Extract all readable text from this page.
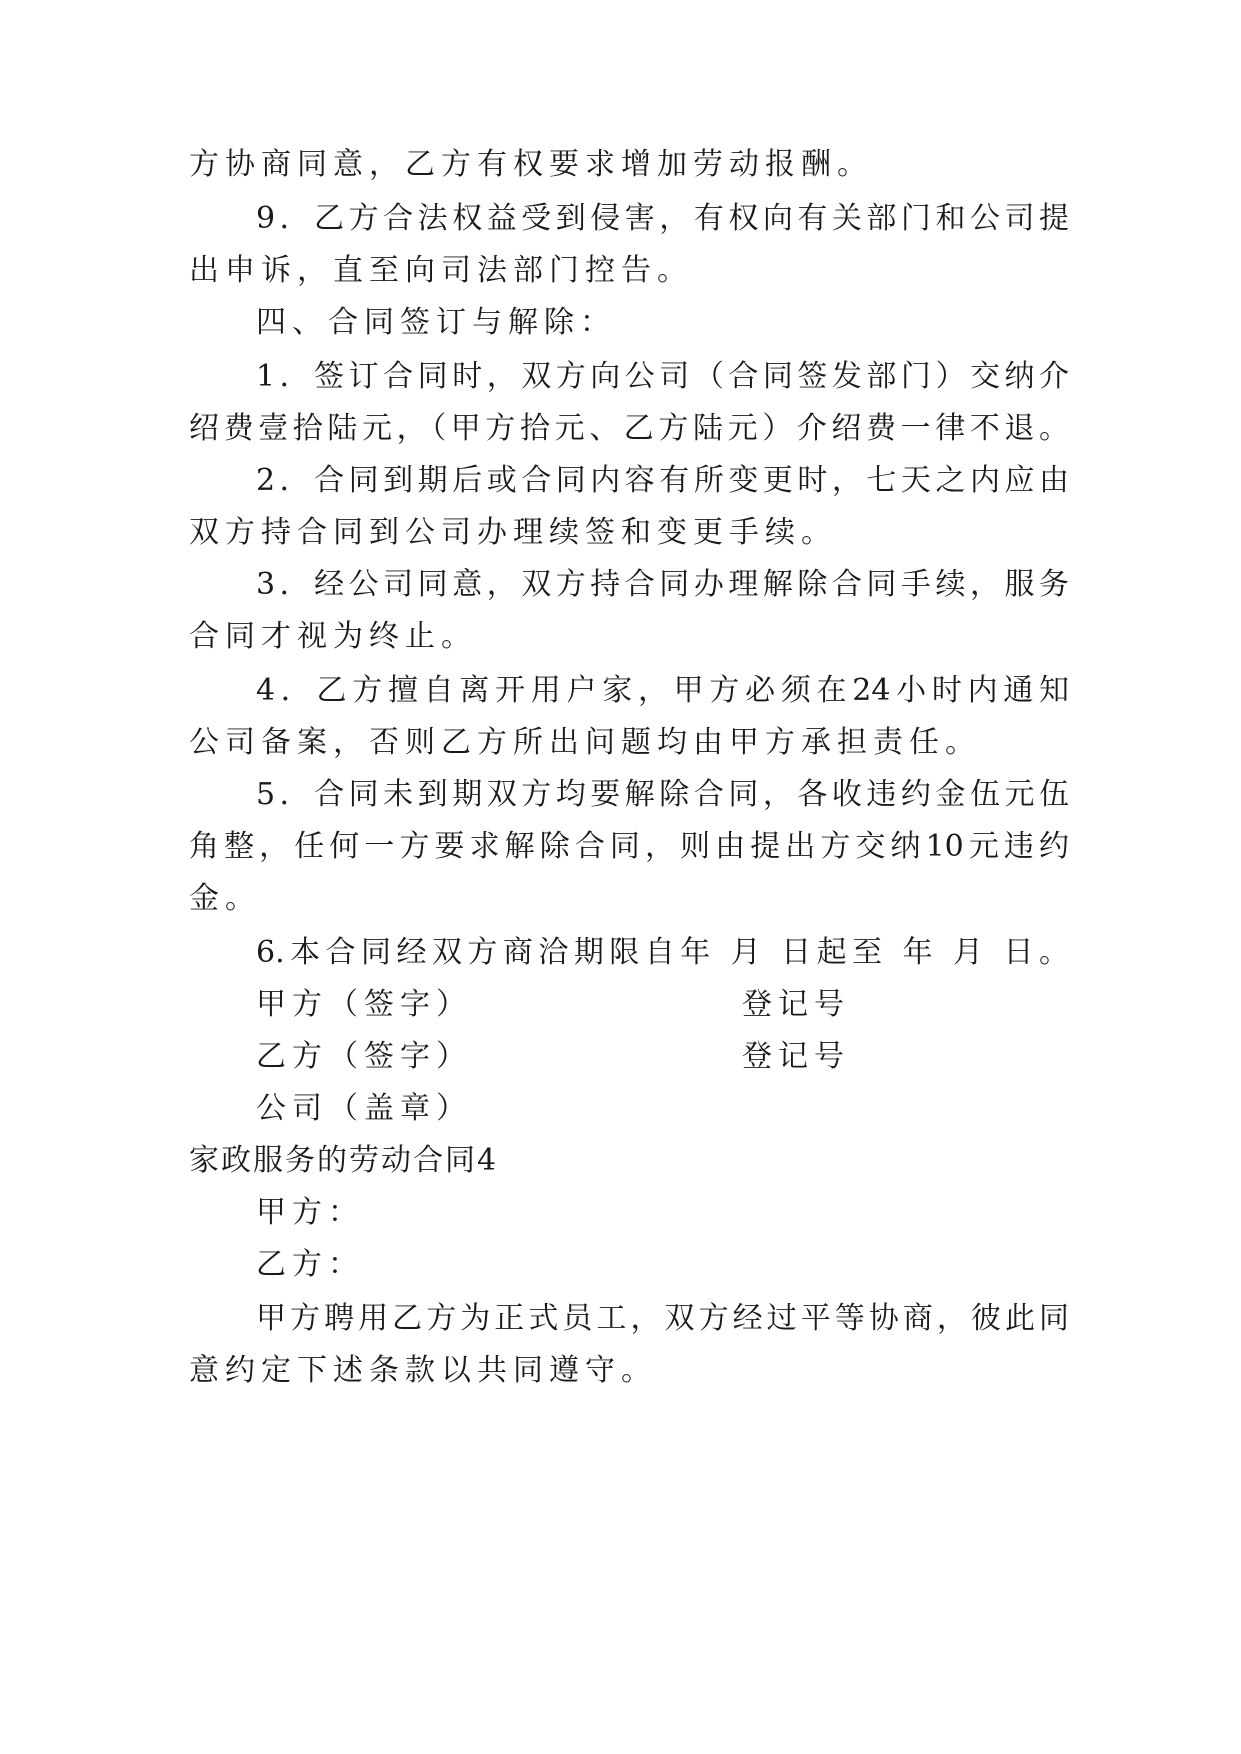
方协商同意，乙方有权要求增加劳动报酬。

9．乙方合法权益受到侵害，有权向有关部门和公司提

出申诉，直至向司法部门控告。

四、合同签订与解除：

1．签订合同时，双方向公司（合同签发部门）交纳介

绍费壹拾陆元，（甲方拾元、乙方陆元）介绍费一律不退。

2．合同到期后或合同内容有所变更时，七天之内应由

双方持合同到公司办理续签和变更手续。

3．经公司同意，双方持合同办理解除合同手续，服务

合同才视为终止。

4．乙方擅自离开用户家，甲方必须在24小时内通知

公司备案，否则乙方所出问题均由甲方承担责任。

5．合同未到期双方均要解除合同，各收违约金伍元伍

角整，任何一方要求解除合同，则由提出方交纳10元违约

金。

6.本合同经双方商洽期限自年 月 日起至 年 月 日。

甲方（签字）	登记号
乙方（签字）	登记号
公司（盖章）
家政服务的劳动合同4

甲方：

乙方：

甲方聘用乙方为正式员工，双方经过平等协商，彼此同

意约定下述条款以共同遵守。
